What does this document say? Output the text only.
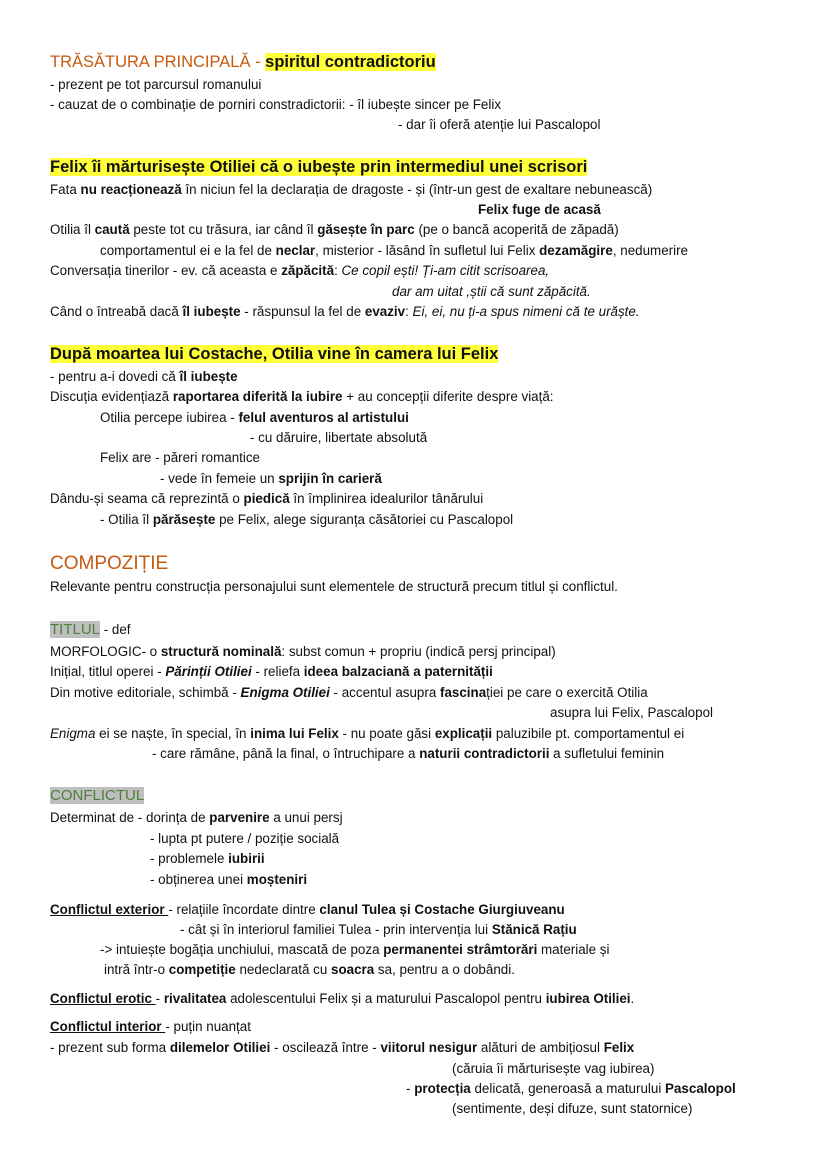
TRĂSĂTURA PRINCIPALĂ - spiritul contradictoriu
- prezent pe tot parcursul romanului
- cauzat de o combinație de porniri constradictorii: - îl iubește sincer pe Felix
- dar îi oferă atenție lui Pascalopol
Felix îi mărturisește Otiliei că o iubește prin intermediul unei scrisori
Fata nu reacționează în niciun fel la declarația de dragoste - și (într-un gest de exaltare nebunească)
Felix fuge de acasă
Otilia îl caută peste tot cu trăsura, iar când îl găsește în parc (pe o bancă acoperită de zăpadă)
comportamentul ei e la fel de neclar, misterior - lăsând în sufletul lui Felix dezamăgire, nedumerire
Conversația tinerilor - ev. că aceasta e zăpăcită: Ce copil ești! Ți-am citit scrisoarea,
dar am uitat ,știi că sunt zăpăcită.
Când o întreabă dacă îl iubește - răspunsul la fel de evaziv: Ei, ei, nu ți-a spus nimeni că te urăște.
După moartea lui Costache, Otilia vine în camera lui Felix
- pentru a-i dovedi că îl iubește
Discuția evidențiază raportarea diferită la iubire + au concepții diferite despre viață:
Otilia percepe iubirea - felul aventuros al artistului
- cu dăruire, libertate absolută
Felix are - păreri romantice
- vede în femeie un sprijin în carieră
Dându-și seama că reprezintă o piedică în împlinirea idealurilor tânărului
- Otilia îl părăsește pe Felix, alege siguranța căsătoriei cu Pascalopol
COMPOZIȚIE
Relevante pentru construcția personajului sunt elementele de structură precum titlul și conflictul.
TITLUL - def
MORFOLOGIC- o structură nominală: subst comun + propriu (indică persj principal)
Inițial, titlul operei - Părinții Otiliei - reliefa ideea balzaciană a paternității
Din motive editoriale, schimbă - Enigma Otiliei - accentul asupra fascinației pe care o exercită Otilia
asupra lui Felix, Pascalopol
Enigma ei se naște, în special, în inima lui Felix - nu poate găsi explicații paluzibile pt. comportamentul ei
- care rămâne, până la final, o întruchipare a naturii contradictorii a sufletului feminin
CONFLICTUL
Determinat de - dorința de parvenire a unui persj
- lupta pt putere / poziție socială
- problemele iubirii
- obținerea unei moșteniri
Conflictul exterior - relațiile încordate dintre clanul Tulea și Costache Giurgiuveanu
- cât și în interiorul familiei Tulea - prin intervenția lui Stănică Rațiu
-> intuiește bogăția unchiului, mascată de poza permanentei strâmtorări materiale și
intră într-o competiție nedeclarată cu soacra sa, pentru a o dobândi.
Conflictul erotic - rivalitatea adolescentului Felix și a maturului Pascalopol pentru iubirea Otiliei.
Conflictul interior - puțin nuanțat
- prezent sub forma dilemelor Otiliei - oscilează între - viitorul nesigur alături de ambițiosul Felix
(căruia îi mărturisește vag iubirea)
- protecția delicată, generoasă a maturului Pascalopol
(sentimente, deși difuze, sunt statornice)
